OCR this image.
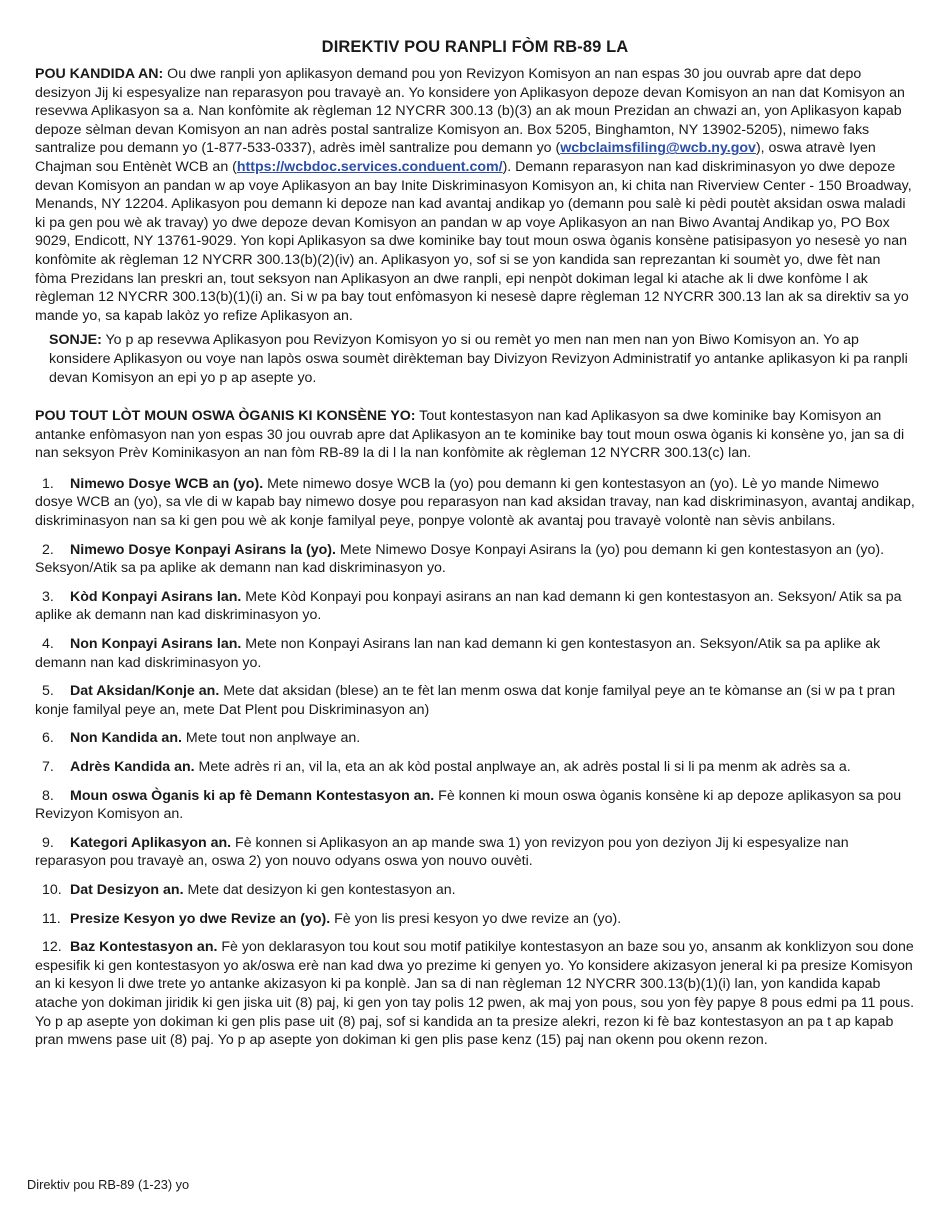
DIREKTIV POU RANPLI FÒM RB-89 LA

POU KANDIDA AN: Ou dwe ranpli yon aplikasyon demand pou yon Revizyon Komisyon an nan espas 30 jou ouvrab apre dat depo desizyon Jij ki espesyalize nan reparasyon pou travayè an. Yo konsidere yon Aplikasyon depoze devan Komisyon an nan dat Komisyon an resevwa Aplikasyon sa a. Nan konfòmite ak règleman 12 NYCRR 300.13 (b)(3) an ak moun Prezidan an chwazi an, yon Aplikasyon kapab depoze sèlman devan Komisyon an nan adrès postal santralize Komisyon an. Box 5205, Binghamton, NY 13902-5205), nimewo faks santralize pou demann yo (1-877-533-0337), adrès imèl santralize pou demann yo (wcbclaimsfiling@wcb.ny.gov), oswa atravè Iyen Chajman sou Entènèt WCB an (https://wcbdoc.services.conduent.com/). Demann reparasyon nan kad diskriminasyon yo dwe depoze devan Komisyon an pandan w ap voye Aplikasyon an bay Inite Diskriminasyon Komisyon an, ki chita nan Riverview Center - 150 Broadway, Menands, NY 12204. Aplikasyon pou demann ki depoze nan kad avantaj andikap yo (demann pou salè ki pèdi poutèt aksidan oswa maladi ki pa gen pou wè ak travay) yo dwe depoze devan Komisyon an pandan w ap voye Aplikasyon an nan Biwo Avantaj Andikap yo, PO Box 9029, Endicott, NY 13761-9029. Yon kopi Aplikasyon sa dwe kominike bay tout moun oswa òganis konsène patisipasyon yo nesesè yo nan konfòmite ak règleman 12 NYCRR 300.13(b)(2)(iv) an. Aplikasyon yo, sof si se yon kandida san reprezantan ki soumèt yo, dwe fèt nan fòma Prezidans lan preskri an, tout seksyon nan Aplikasyon an dwe ranpli, epi nenpòt dokiman legal ki atache ak li dwe konfòme l ak règleman 12 NYCRR 300.13(b)(1)(i) an. Si w pa bay tout enfòmasyon ki nesesè dapre règleman 12 NYCRR 300.13 lan ak sa direktiv sa yo mande yo, sa kapab lakòz yo refize Aplikasyon an.

SONJE: Yo p ap resevwa Aplikasyon pou Revizyon Komisyon yo si ou remèt yo men nan men nan yon Biwo Komisyon an. Yo ap konsidere Aplikasyon ou voye nan lapòs oswa soumèt dirèkteman bay Divizyon Revizyon Administratif yo antanke aplikasyon ki pa ranpli devan Komisyon an epi yo p ap asepte yo.

POU TOUT LÒT MOUN OSWA ÒGANIS KI KONSÈNE YO: Tout kontestasyon nan kad Aplikasyon sa dwe kominike bay Komisyon an antanke enfòmasyon nan yon espas 30 jou ouvrab apre dat Aplikasyon an te kominike bay tout moun oswa òganis ki konsène yo, jan sa di nan seksyon Prèv Kominikasyon an nan fòm RB-89 la di l la nan konfòmite ak règleman 12 NYCRR 300.13(c) lan.

1. Nimewo Dosye WCB an (yo). Mete nimewo dosye WCB la (yo) pou demann ki gen kontestasyon an (yo). Lè yo mande Nimewo dosye WCB an (yo), sa vle di w kapab bay nimewo dosye pou reparasyon nan kad aksidan travay, nan kad diskriminasyon, avantaj andikap, diskriminasyon nan sa ki gen pou wè ak konje familyal peye, ponpye volontè ak avantaj pou travayè volontè nan sèvis anbilans.
2. Nimewo Dosye Konpayi Asirans la (yo). Mete Nimewo Dosye Konpayi Asirans la (yo) pou demann ki gen kontestasyon an (yo). Seksyon/Atik sa pa aplike ak demann nan kad diskriminasyon yo.
3. Kòd Konpayi Asirans lan. Mete Kòd Konpayi pou konpayi asirans an nan kad demann ki gen kontestasyon an. Seksyon/ Atik sa pa aplike ak demann nan kad diskriminasyon yo.
4. Non Konpayi Asirans lan. Mete non Konpayi Asirans lan nan kad demann ki gen kontestasyon an. Seksyon/Atik sa pa aplike ak demann nan kad diskriminasyon yo.
5. Dat Aksidan/Konje an. Mete dat aksidan (blese) an te fèt lan menm oswa dat konje familyal peye an te kòmanse an (si w pa t pran konje familyal peye an, mete Dat Plent pou Diskriminasyon an)
6. Non Kandida an. Mete tout non anplwaye an.
7. Adrès Kandida an. Mete adrès ri an, vil la, eta an ak kòd postal anplwaye an, ak adrès postal li si li pa menm ak adrès sa a.
8. Moun oswa Òganis ki ap fè Demann Kontestasyon an. Fè konnen ki moun oswa òganis konsène ki ap depoze aplikasyon sa pou Revizyon Komisyon an.
9. Kategori Aplikasyon an. Fè konnen si Aplikasyon an ap mande swa 1) yon revizyon pou yon deziyon Jij ki espesyalize nan reparasyon pou travayè an, oswa 2) yon nouvo odyans oswa yon nouvo ouvèti.
10. Dat Desizyon an. Mete dat desizyon ki gen kontestasyon an.
11. Presize Kesyon yo dwe Revize an (yo). Fè yon lis presi kesyon yo dwe revize an (yo).
12. Baz Kontestasyon an. Fè yon deklarasyon tou kout sou motif patikilye kontestasyon an baze sou yo, ansanm ak konklizyon sou done espesifik ki gen kontestasyon yo ak/oswa erè nan kad dwa yo prezime ki genyen yo. Yo konsidere akizasyon jeneral ki pa presize Komisyon an ki kesyon li dwe trete yo antanke akizasyon ki pa konplè. Jan sa di nan règleman 12 NYCRR 300.13(b)(1)(i) lan, yon kandida kapab atache yon dokiman jiridik ki gen jiska uit (8) paj, ki gen yon tay polis 12 pwen, ak maj yon pous, sou yon fèy papye 8 pous edmi pa 11 pous. Yo p ap asepte yon dokiman ki gen plis pase uit (8) paj, sof si kandida an ta presize alekri, rezon ki fè baz kontestasyon an pa t ap kapab pran mwens pase uit (8) paj. Yo p ap asepte yon dokiman ki gen plis pase kenz (15) paj nan okenn pou okenn rezon.
Direktiv pou RB-89 (1-23) yo
